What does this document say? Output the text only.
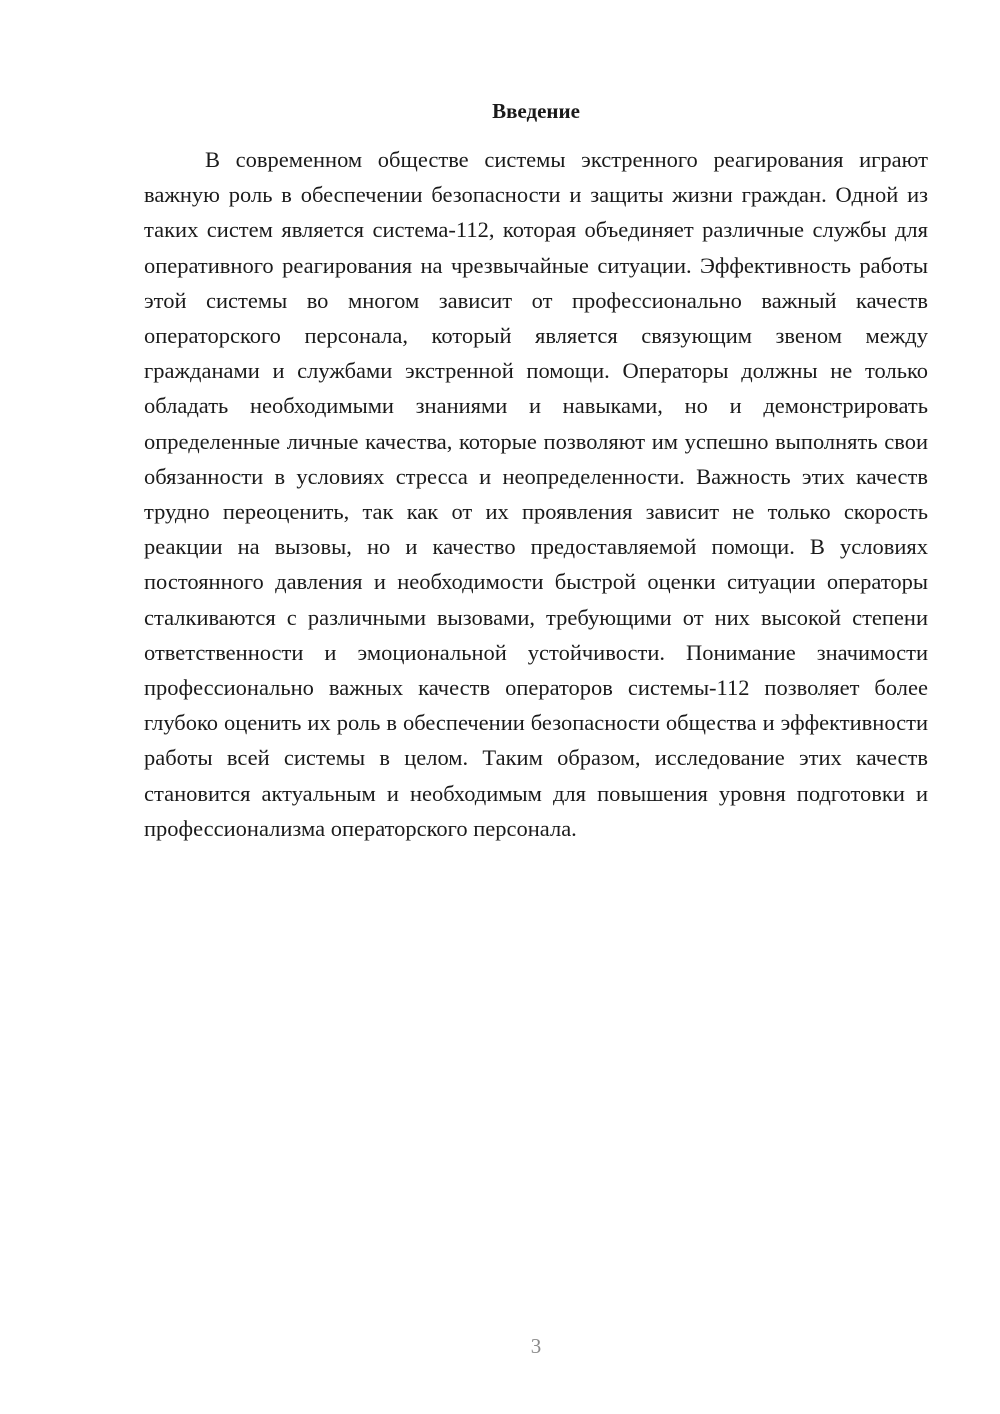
Введение

В современном обществе системы экстренного реагирования играют важную роль в обеспечении безопасности и защиты жизни граждан. Одной из таких систем является система-112, которая объединяет различные службы для оперативного реагирования на чрезвычайные ситуации. Эффективность работы этой системы во многом зависит от профессионально важный качеств операторского персонала, который является связующим звеном между гражданами и службами экстренной помощи. Операторы должны не только обладать необходимыми знаниями и навыками, но и демонстрировать определенные личные качества, которые позволяют им успешно выполнять свои обязанности в условиях стресса и неопределенности. Важность этих качеств трудно переоценить, так как от их проявления зависит не только скорость реакции на вызовы, но и качество предоставляемой помощи. В условиях постоянного давления и необходимости быстрой оценки ситуации операторы сталкиваются с различными вызовами, требующими от них высокой степени ответственности и эмоциональной устойчивости. Понимание значимости профессионально важных качеств операторов системы-112 позволяет более глубоко оценить их роль в обеспечении безопасности общества и эффективности работы всей системы в целом. Таким образом, исследование этих качеств становится актуальным и необходимым для повышения уровня подготовки и профессионализма операторского персонала.

3
